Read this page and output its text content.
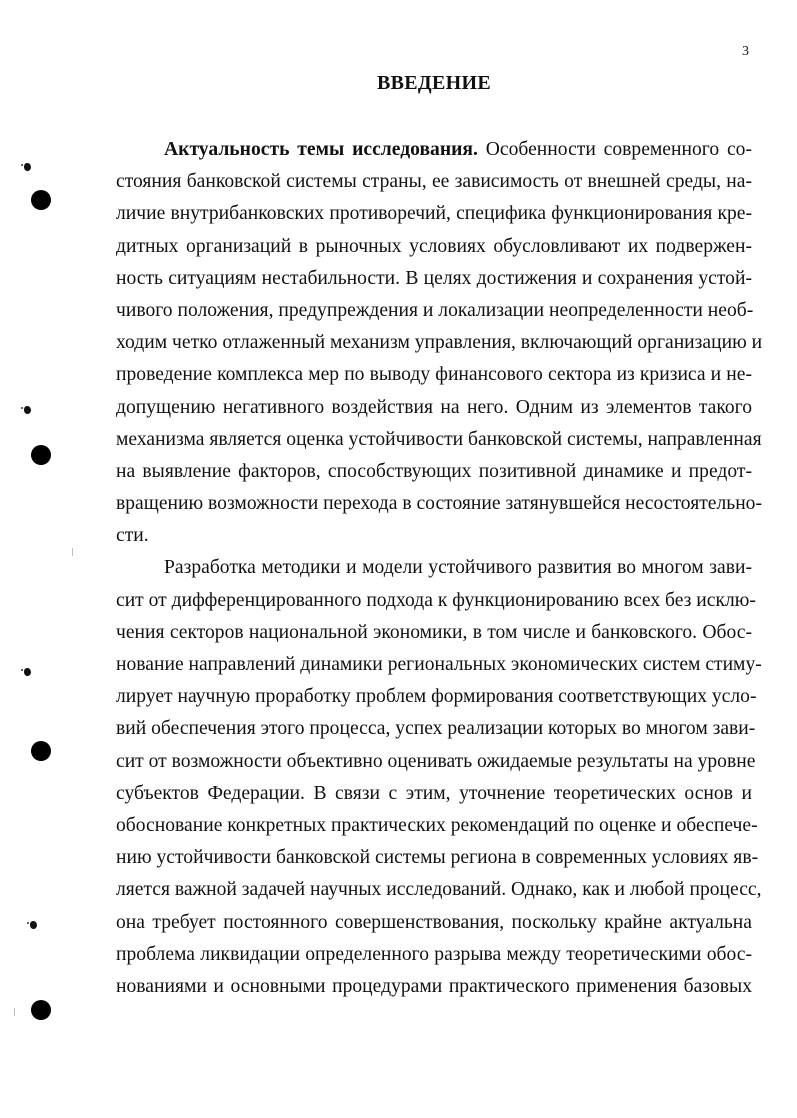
3
ВВЕДЕНИЕ
Актуальность темы исследования. Особенности современного со-
стояния банковской системы страны, ее зависимость от внешней среды, на-
личие внутрибанковских противоречий, специфика функционирования кре-
дитных организаций в рыночных условиях обусловливают их подвержен-
ность ситуациям нестабильности. В целях достижения и сохранения устой-
чивого положения, предупреждения и локализации неопределенности необ-
ходим четко отлаженный механизм управления, включающий организацию и
проведение комплекса мер по выводу финансового сектора из кризиса и не-
допущению негативного воздействия на него. Одним из элементов такого
механизма является оценка устойчивости банковской системы, направленная
на выявление факторов, способствующих позитивной динамике и предот-
вращению возможности перехода в состояние затянувшейся несостоятельно-
сти.
Разработка методики и модели устойчивого развития во многом зави-
сит от дифференцированного подхода к функционированию всех без исклю-
чения секторов национальной экономики, в том числе и банковского. Обос-
нование направлений динамики региональных экономических систем стиму-
лирует научную проработку проблем формирования соответствующих усло-
вий обеспечения этого процесса, успех реализации которых во многом зави-
сит от возможности объективно оценивать ожидаемые результаты на уровне
субъектов Федерации. В связи с этим, уточнение теоретических основ и
обоснование конкретных практических рекомендаций по оценке и обеспече-
нию устойчивости банковской системы региона в современных условиях яв-
ляется важной задачей научных исследований. Однако, как и любой процесс,
она требует постоянного совершенствования, поскольку крайне актуальна
проблема ликвидации определенного разрыва между теоретическими обос-
нованиями и основными процедурами практического применения базовых
